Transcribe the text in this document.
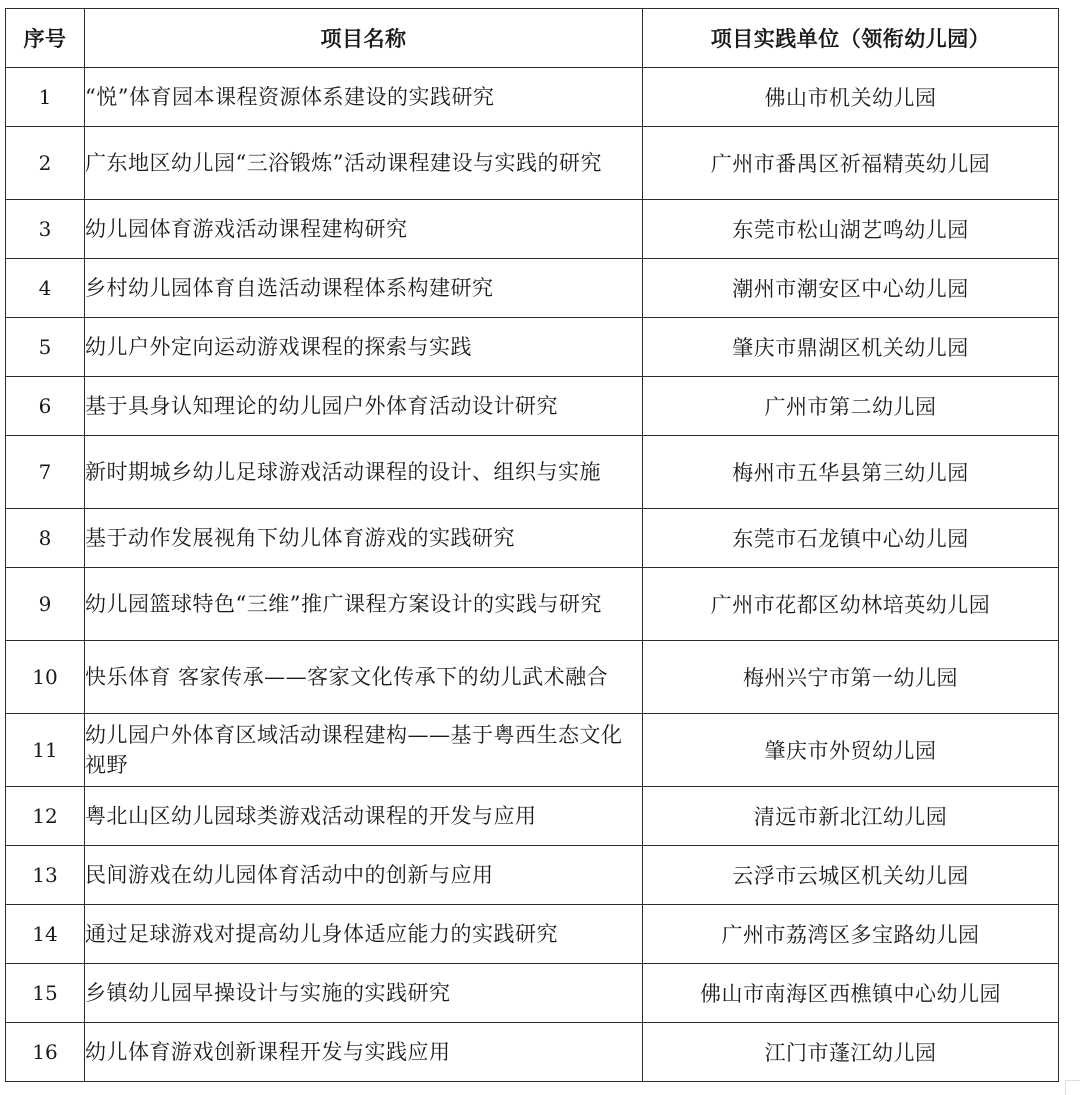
序号	项目名称	项目实践单位（领衔幼儿园）
1	“悦”体育园本课程资源体系建设的实践研究	佛山市机关幼儿园
2	广东地区幼儿园“三浴锻炼”活动课程建设与实践的研究	广州市番禺区祈福精英幼儿园
3	幼儿园体育游戏活动课程建构研究	东莞市松山湖艺鸣幼儿园
4	乡村幼儿园体育自选活动课程体系构建研究	潮州市潮安区中心幼儿园
5	幼儿户外定向运动游戏课程的探索与实践	肇庆市鼎湖区机关幼儿园
6	基于具身认知理论的幼儿园户外体育活动设计研究	广州市第二幼儿园
7	新时期城乡幼儿足球游戏活动课程的设计、组织与实施	梅州市五华县第三幼儿园
8	基于动作发展视角下幼儿体育游戏的实践研究	东莞市石龙镇中心幼儿园
9	幼儿园篮球特色“三维”推广课程方案设计的实践与研究	广州市花都区幼林培英幼儿园
10	快乐体育 客家传承——客家文化传承下的幼儿武术融合	梅州兴宁市第一幼儿园
11	幼儿园户外体育区域活动课程建构——基于粤西生态文化视野	肇庆市外贸幼儿园
12	粤北山区幼儿园球类游戏活动课程的开发与应用	清远市新北江幼儿园
13	民间游戏在幼儿园体育活动中的创新与应用	云浮市云城区机关幼儿园
14	通过足球游戏对提高幼儿身体适应能力的实践研究	广州市荔湾区多宝路幼儿园
15	乡镇幼儿园早操设计与实施的实践研究	佛山市南海区西樵镇中心幼儿园
16	幼儿体育游戏创新课程开发与实践应用	江门市蓬江幼儿园
